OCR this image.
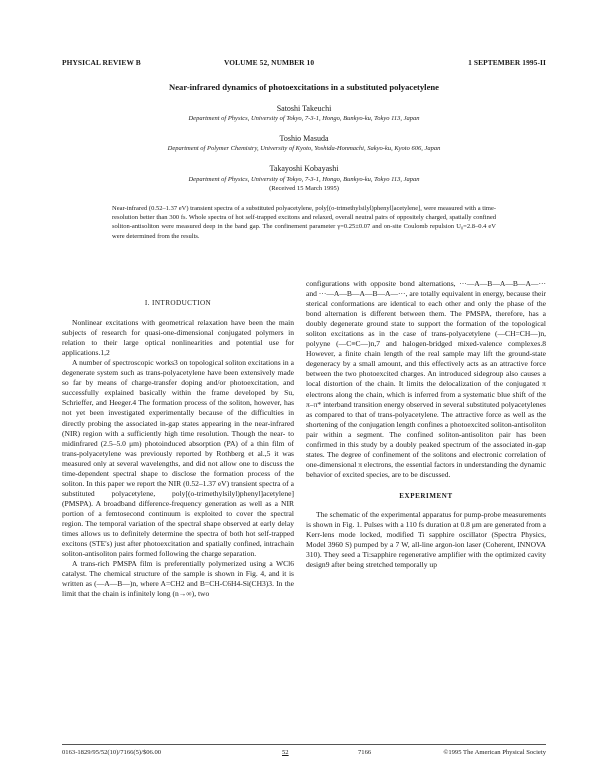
PHYSICAL REVIEW B	VOLUME 52, NUMBER 10	1 SEPTEMBER 1995-II
Near-infrared dynamics of photoexcitations in a substituted polyacetylene
Satoshi Takeuchi
Department of Physics, University of Tokyo, 7-3-1, Hongo, Bunkyo-ku, Tokyo 113, Japan
Toshio Masuda
Department of Polymer Chemistry, University of Kyoto, Yoshida-Honmachi, Sakyo-ku, Kyoto 606, Japan
Takayoshi Kobayashi
Department of Physics, University of Tokyo, 7-3-1, Hongo, Bunkyo-ku, Tokyo 113, Japan
(Received 15 March 1995)
Near-infrared (0.52–1.37 eV) transient spectra of a substituted polyacetylene, poly[(o-trimethylsilyl)phenyl]acetylene], were measured with a time-resolution better than 300 fs. Whole spectra of hot self-trapped excitons and relaxed, overall neutral pairs of oppositely charged, spatially confined soliton-antisoliton were measured deep in the band gap. The confinement parameter γ=0.25±0.07 and on-site Coulomb repulsion U₀=2.8–0.4 eV were determined from the results.
I. INTRODUCTION

Nonlinear excitations with geometrical relaxation have been the main subjects of research for quasi-one-dimensional conjugated polymers in relation to their large optical nonlinearities and potential use for applications.1,2

A number of spectroscopic works3 on topological soliton excitations in a degenerate system such as trans-polyacetylene have been extensively made so far by means of charge-transfer doping and/or photoexcitation, and successfully explained basically within the frame developed by Su, Schrieffer, and Heeger.4 The formation process of the soliton, however, has not yet been investigated experimentally because of the difficulties in directly probing the associated in-gap states appearing in the near-infrared (NIR) region with a sufficiently high time resolution. Though the near- to midinfrared (2.5–5.0 μm) photoinduced absorption (PA) of a thin film of trans-polyacetylene was previously reported by Rothberg et al.,5 it was measured only at several wavelengths, and did not allow one to discuss the time-dependent spectral shape to disclose the formation process of the soliton. In this paper we report the NIR (0.52–1.37 eV) transient spectra of a substituted polyacetylene, poly[(o-trimethylsilyl)phenyl]acetylene] (PMSPA). A broadband difference-frequency generation as well as a NIR portion of a femtosecond continuum is exploited to cover the spectral region. The temporal variation of the spectral shape observed at early delay times allows us to definitely determine the spectra of both hot self-trapped excitons (STE's) just after photoexcitation and spatially confined, intrachain soliton-antisoliton pairs formed following the charge separation.

A trans-rich PMSPA film is preferentially polymerized using a WCl6 catalyst. The chemical structure of the sample is shown in Fig. 4, and it is written as (—A—B—)n, where A=CH2 and B=CH-C6H4-Si(CH3)3. In the limit that the chain is infinitely long (n→∞), two

configurations with opposite bond alternations, ···—A—B—A—B—A—··· and ···—A—B—A—B—A—···, are totally equivalent in energy, because their sterical conformations are identical to each other and only the phase of the bond alternation is different between them. The PMSPA, therefore, has a doubly degenerate ground state to support the formation of the topological soliton excitations as in the case of trans-polyacetylene (—CH=CH—)n, polyyne (—C≡C—)n,7 and halogen-bridged mixed-valence complexes.8 However, a finite chain length of the real sample may lift the ground-state degeneracy by a small amount, and this effectively acts as an attractive force between the two photoexcited charges. An introduced sidegroup also causes a local distortion of the chain. It limits the delocalization of the conjugated π electrons along the chain, which is inferred from a systematic blue shift of the π–π* interband transition energy observed in several substituted polyacetylenes as compared to that of trans-polyacetylene. The attractive force as well as the shortening of the conjugation length confines a photoexcited soliton-antisoliton pair within a segment. The confined soliton-antisoliton pair has been confirmed in this study by a doubly peaked spectrum of the associated in-gap states. The degree of confinement of the solitons and electronic correlation of one-dimensional π electrons, the essential factors in understanding the dynamic behavior of excited species, are to be discussed.

EXPERIMENT

The schematic of the experimental apparatus for pump-probe measurements is shown in Fig. 1. Pulses with a 110 fs duration at 0.8 μm are generated from a Kerr-lens mode locked, modified Ti sapphire oscillator (Spectra Physics, Model 3960 S) pumped by a 7 W, all-line argon-ion laser (Coherent, INNOVA 310). They seed a Ti:sapphire regenerative amplifier with the optimized cavity design9 after being stretched temporally up

0163-1829/95/52(10)/7166(5)/$06.00	52	7166	©1995 The American Physical Society
